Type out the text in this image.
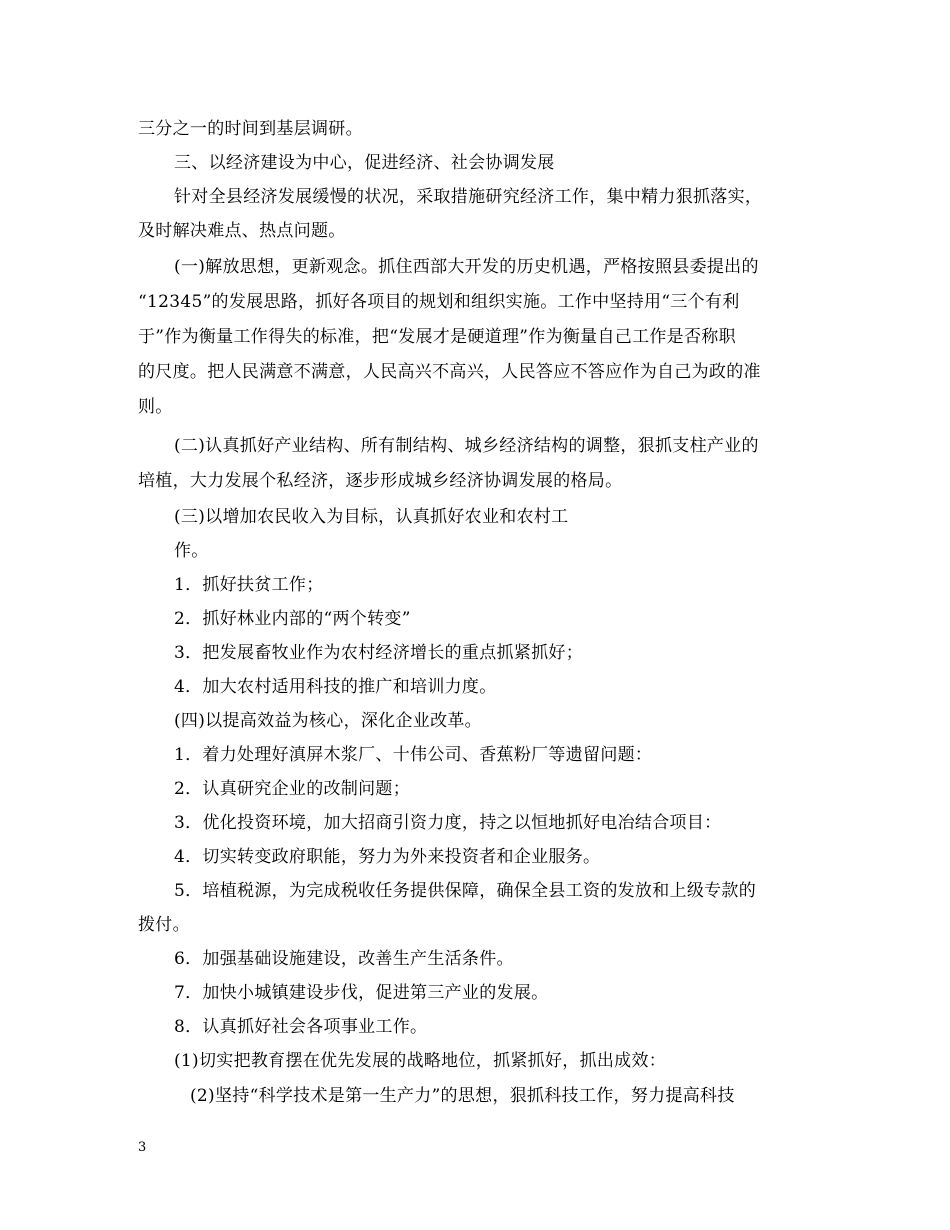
三分之一的时间到基层调研。
三、以经济建设为中心，促进经济、社会协调发展
针对全县经济发展缓慢的状况，采取措施研究经济工作，集中精力狠抓落实，
及时解决难点、热点问题。
(一)解放思想，更新观念。抓住西部大开发的历史机遇，严格按照县委提出的
“12345”的发展思路，抓好各项目的规划和组织实施。工作中坚持用“三个有利
于”作为衡量工作得失的标准，把“发展才是硬道理”作为衡量自己工作是否称职
的尺度。把人民满意不满意，人民高兴不高兴，人民答应不答应作为自己为政的准
则。
(二)认真抓好产业结构、所有制结构、城乡经济结构的调整，狠抓支柱产业的
培植，大力发展个私经济，逐步形成城乡经济协调发展的格局。
(三)以增加农民收入为目标，认真抓好农业和农村工
作。
1．抓好扶贫工作；
2．抓好林业内部的“两个转变”
3．把发展畜牧业作为农村经济增长的重点抓紧抓好；
4．加大农村适用科技的推广和培训力度。
(四)以提高效益为核心，深化企业改革。
1．着力处理好滇屏木浆厂、十伟公司、香蕉粉厂等遗留问题：
2．认真研究企业的改制问题；
3．优化投资环境，加大招商引资力度，持之以恒地抓好电冶结合项目：
4．切实转变政府职能，努力为外来投资者和企业服务。
5．培植税源，为完成税收任务提供保障，确保全县工资的发放和上级专款的
拨付。
6．加强基础设施建设，改善生产生活条件。
7．加快小城镇建设步伐，促进第三产业的发展。
8．认真抓好社会各项事业工作。
(1)切实把教育摆在优先发展的战略地位，抓紧抓好，抓出成效：
(2)坚持“科学技术是第一生产力”的思想，狠抓科技工作，努力提高科技
3
